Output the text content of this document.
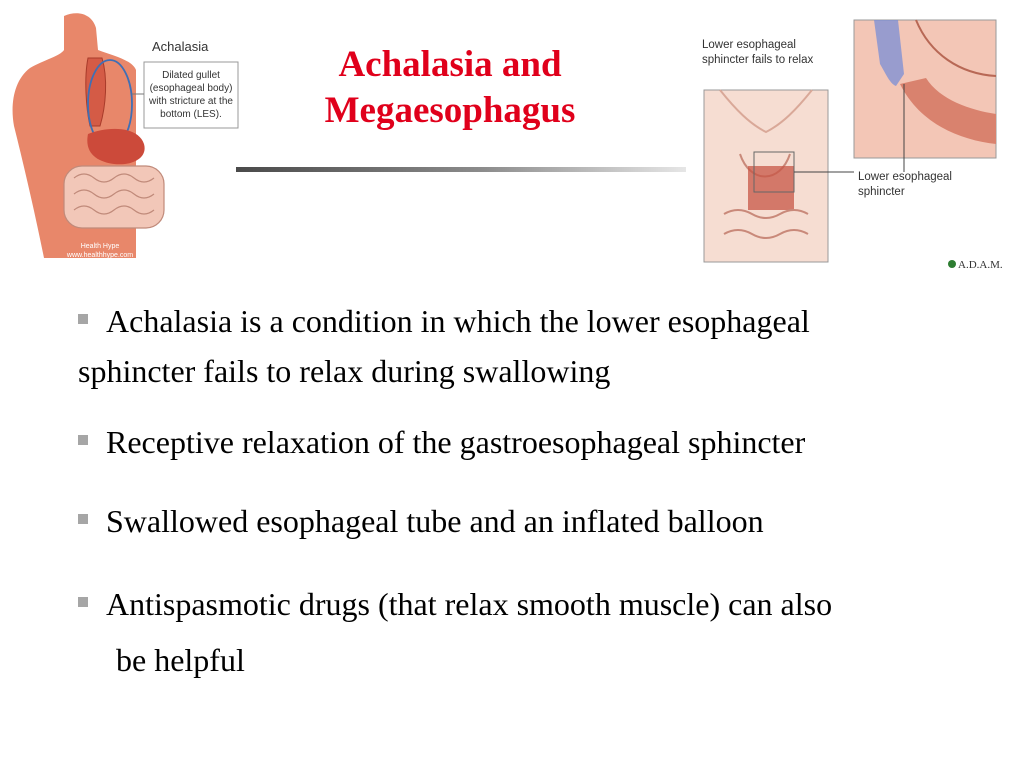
Achalasia and
Megaesophagus
Achalasia
Dilated gullet
(esophageal body)
with stricture at the
bottom (LES).
Health Hype
www.healthhype.com
Lower esophageal
sphincter fails to relax
Lower esophageal
sphincter
A.D.A.M.
Achalasia is a condition in which the lower esophageal
sphincter fails to relax during swallowing
Receptive relaxation of the gastroesophageal sphincter
Swallowed esophageal tube and an inflated balloon
Antispasmotic drugs (that relax smooth muscle) can also
be helpful
